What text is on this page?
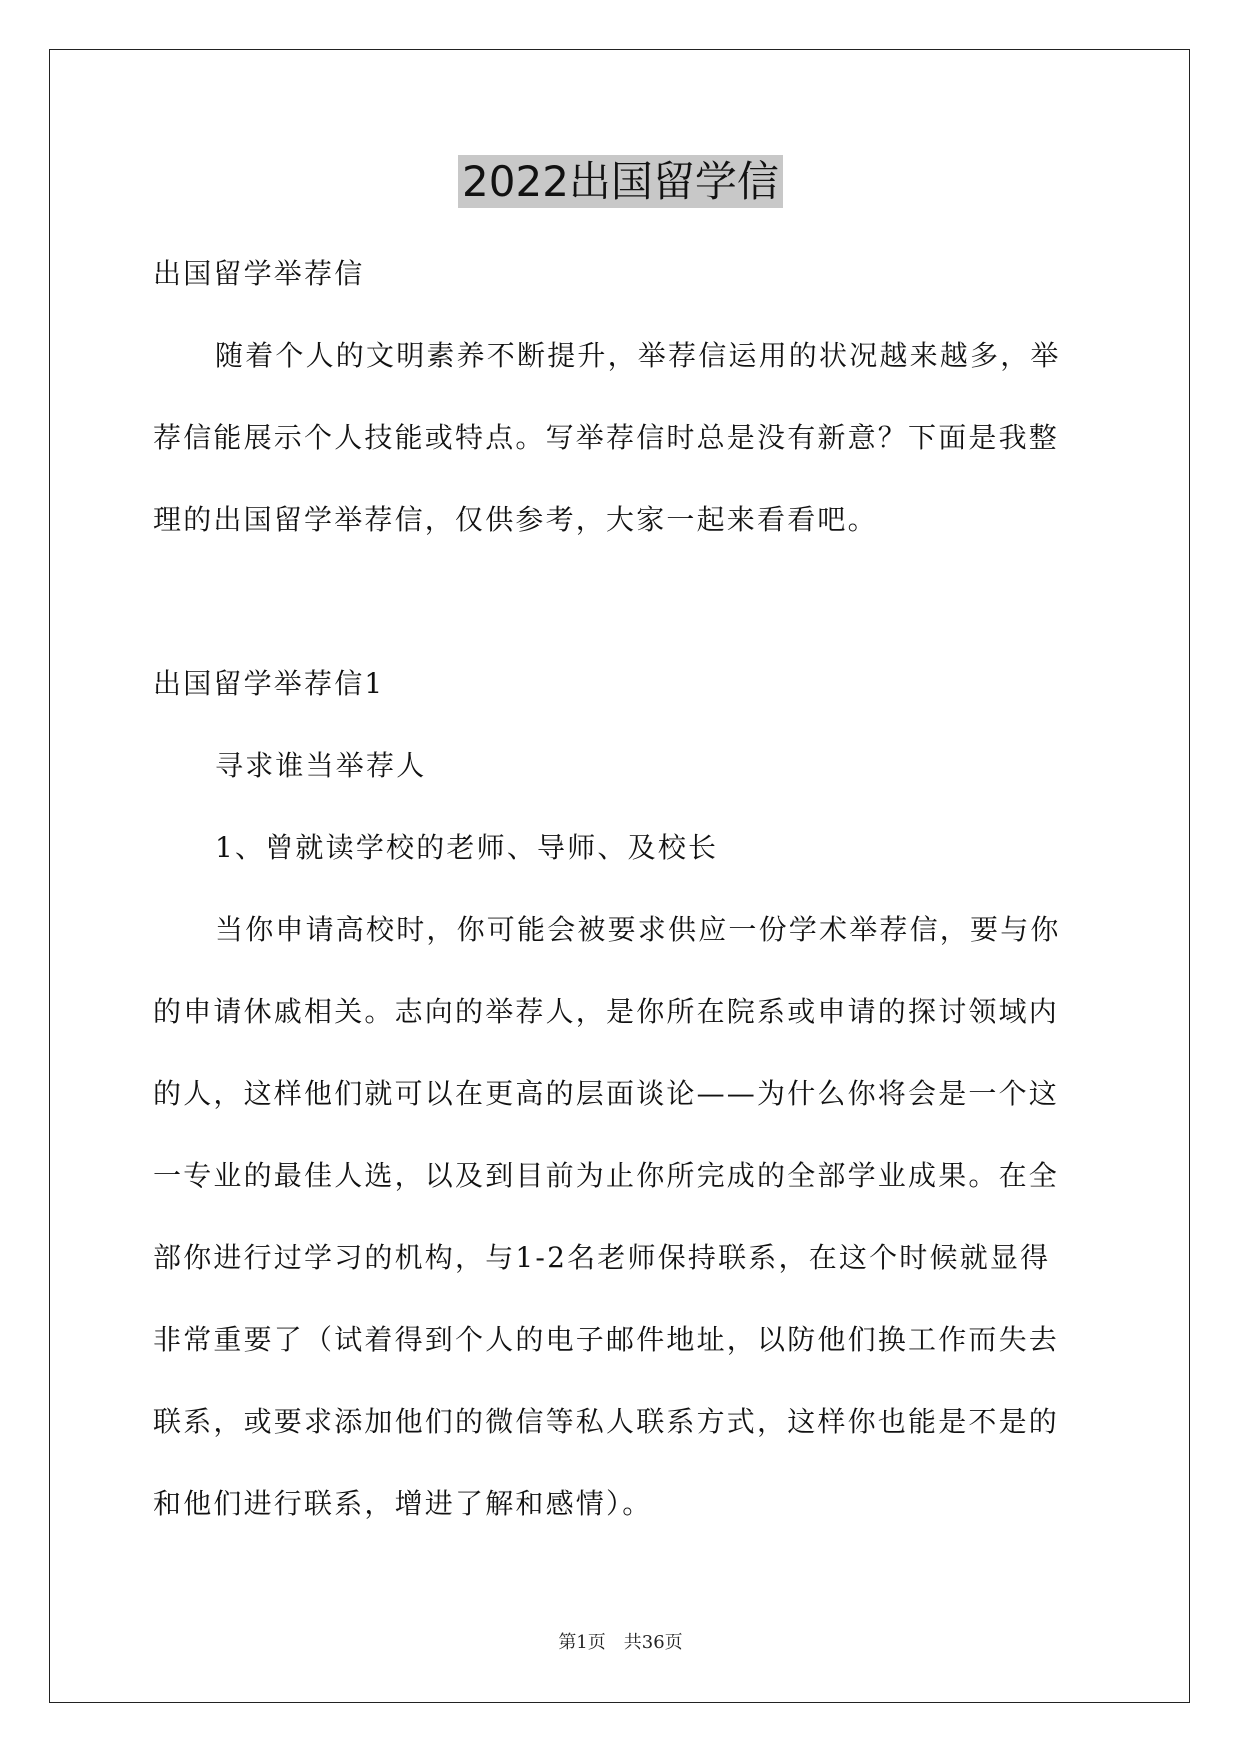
2022出国留学信
出国留学举荐信
随着个人的文明素养不断提升，举荐信运用的状况越来越多，举
荐信能展示个人技能或特点。写举荐信时总是没有新意？下面是我整
理的出国留学举荐信，仅供参考，大家一起来看看吧。
出国留学举荐信1
寻求谁当举荐人
1、曾就读学校的老师、导师、及校长
当你申请高校时，你可能会被要求供应一份学术举荐信，要与你
的申请休戚相关。志向的举荐人，是你所在院系或申请的探讨领域内
的人，这样他们就可以在更高的层面谈论——为什么你将会是一个这
一专业的最佳人选，以及到目前为止你所完成的全部学业成果。在全
部你进行过学习的机构，与1-2名老师保持联系，在这个时候就显得
非常重要了（试着得到个人的电子邮件地址，以防他们换工作而失去
联系，或要求添加他们的微信等私人联系方式，这样你也能是不是的
和他们进行联系，增进了解和感情）。
第1页　共36页
